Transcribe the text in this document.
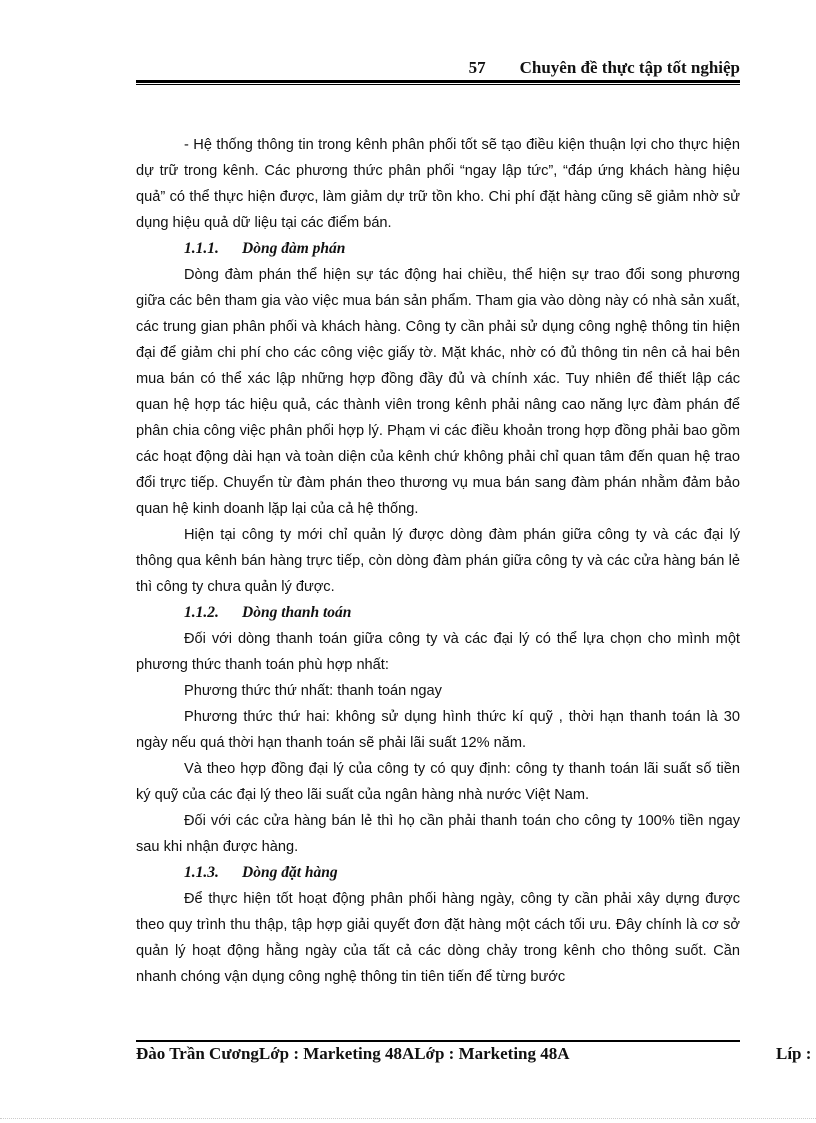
57 Chuyên đề thực tập tốt nghiệp

- Hệ thống thông tin trong kênh phân phối tốt sẽ tạo điều kiện thuận lợi cho thực hiện dự trữ trong kênh. Các phương thức phân phối “ngay lập tức”, “đáp ứng khách hàng hiệu quả” có thể thực hiện được, làm giảm dự trữ tồn kho. Chi phí đặt hàng cũng sẽ giảm nhờ sử dụng hiệu quả dữ liệu tại các điểm bán.

1.1.1. Dòng đàm phán

Dòng đàm phán thể hiện sự tác động hai chiều, thể hiện sự trao đổi song phương giữa các bên tham gia vào việc mua bán sản phẩm. Tham gia vào dòng này có nhà sản xuất, các trung gian phân phối và khách hàng. Công ty cần phải sử dụng công nghệ thông tin hiện đại để giảm chi phí cho các công việc giấy tờ. Mặt khác, nhờ có đủ thông tin nên cả hai bên mua bán có thể xác lập những hợp đồng đầy đủ và chính xác. Tuy nhiên để thiết lập các quan hệ hợp tác hiệu quả, các thành viên trong kênh phải nâng cao năng lực đàm phán để phân chia công việc phân phối hợp lý. Phạm vi các điều khoản trong hợp đồng phải bao gồm các hoạt động dài hạn và toàn diện của kênh chứ không phải chỉ quan tâm đến quan hệ trao đổi trực tiếp. Chuyển từ đàm phán theo thương vụ mua bán sang đàm phán nhằm đảm bảo quan hệ kinh doanh lặp lại của cả hệ thống.

Hiện tại công ty mới chỉ quản lý được dòng đàm phán giữa công ty và các đại lý thông qua kênh bán hàng trực tiếp, còn dòng đàm phán giữa công ty và các cửa hàng bán lẻ thì công ty chưa quản lý được.

1.1.2. Dòng thanh toán

Đối với dòng thanh toán giữa công ty và các đại lý có thể lựa chọn cho mình một phương thức thanh toán phù hợp nhất:

Phương thức thứ nhất: thanh toán ngay

Phương thức thứ hai: không sử dụng hình thức kí quỹ , thời hạn thanh toán là 30 ngày nếu quá thời hạn thanh toán sẽ phải lãi suất 12% năm.

Và theo hợp đồng đại lý của công ty có quy định: công ty thanh toán lãi suất số tiền ký quỹ của các đại lý theo lãi suất của ngân hàng nhà nước Việt Nam.

Đối với các cửa hàng bán lẻ thì họ cần phải thanh toán cho công ty 100% tiền ngay sau khi nhận được hàng.

1.1.3. Dòng đặt hàng

Để thực hiện tốt hoạt động phân phối hàng ngày, công ty cần phải xây dựng được theo quy trình thu thập, tập hợp giải quyết đơn đặt hàng một cách tối ưu. Đây chính là cơ sở quản lý hoạt động hằng ngày của tất cả các dòng chảy trong kênh cho thông suốt. Cần nhanh chóng vận dụng công nghệ thông tin tiên tiến để từng bước

Đào Trần CươngLớp : Marketing 48ALớp : Marketing 48A	Líp :
